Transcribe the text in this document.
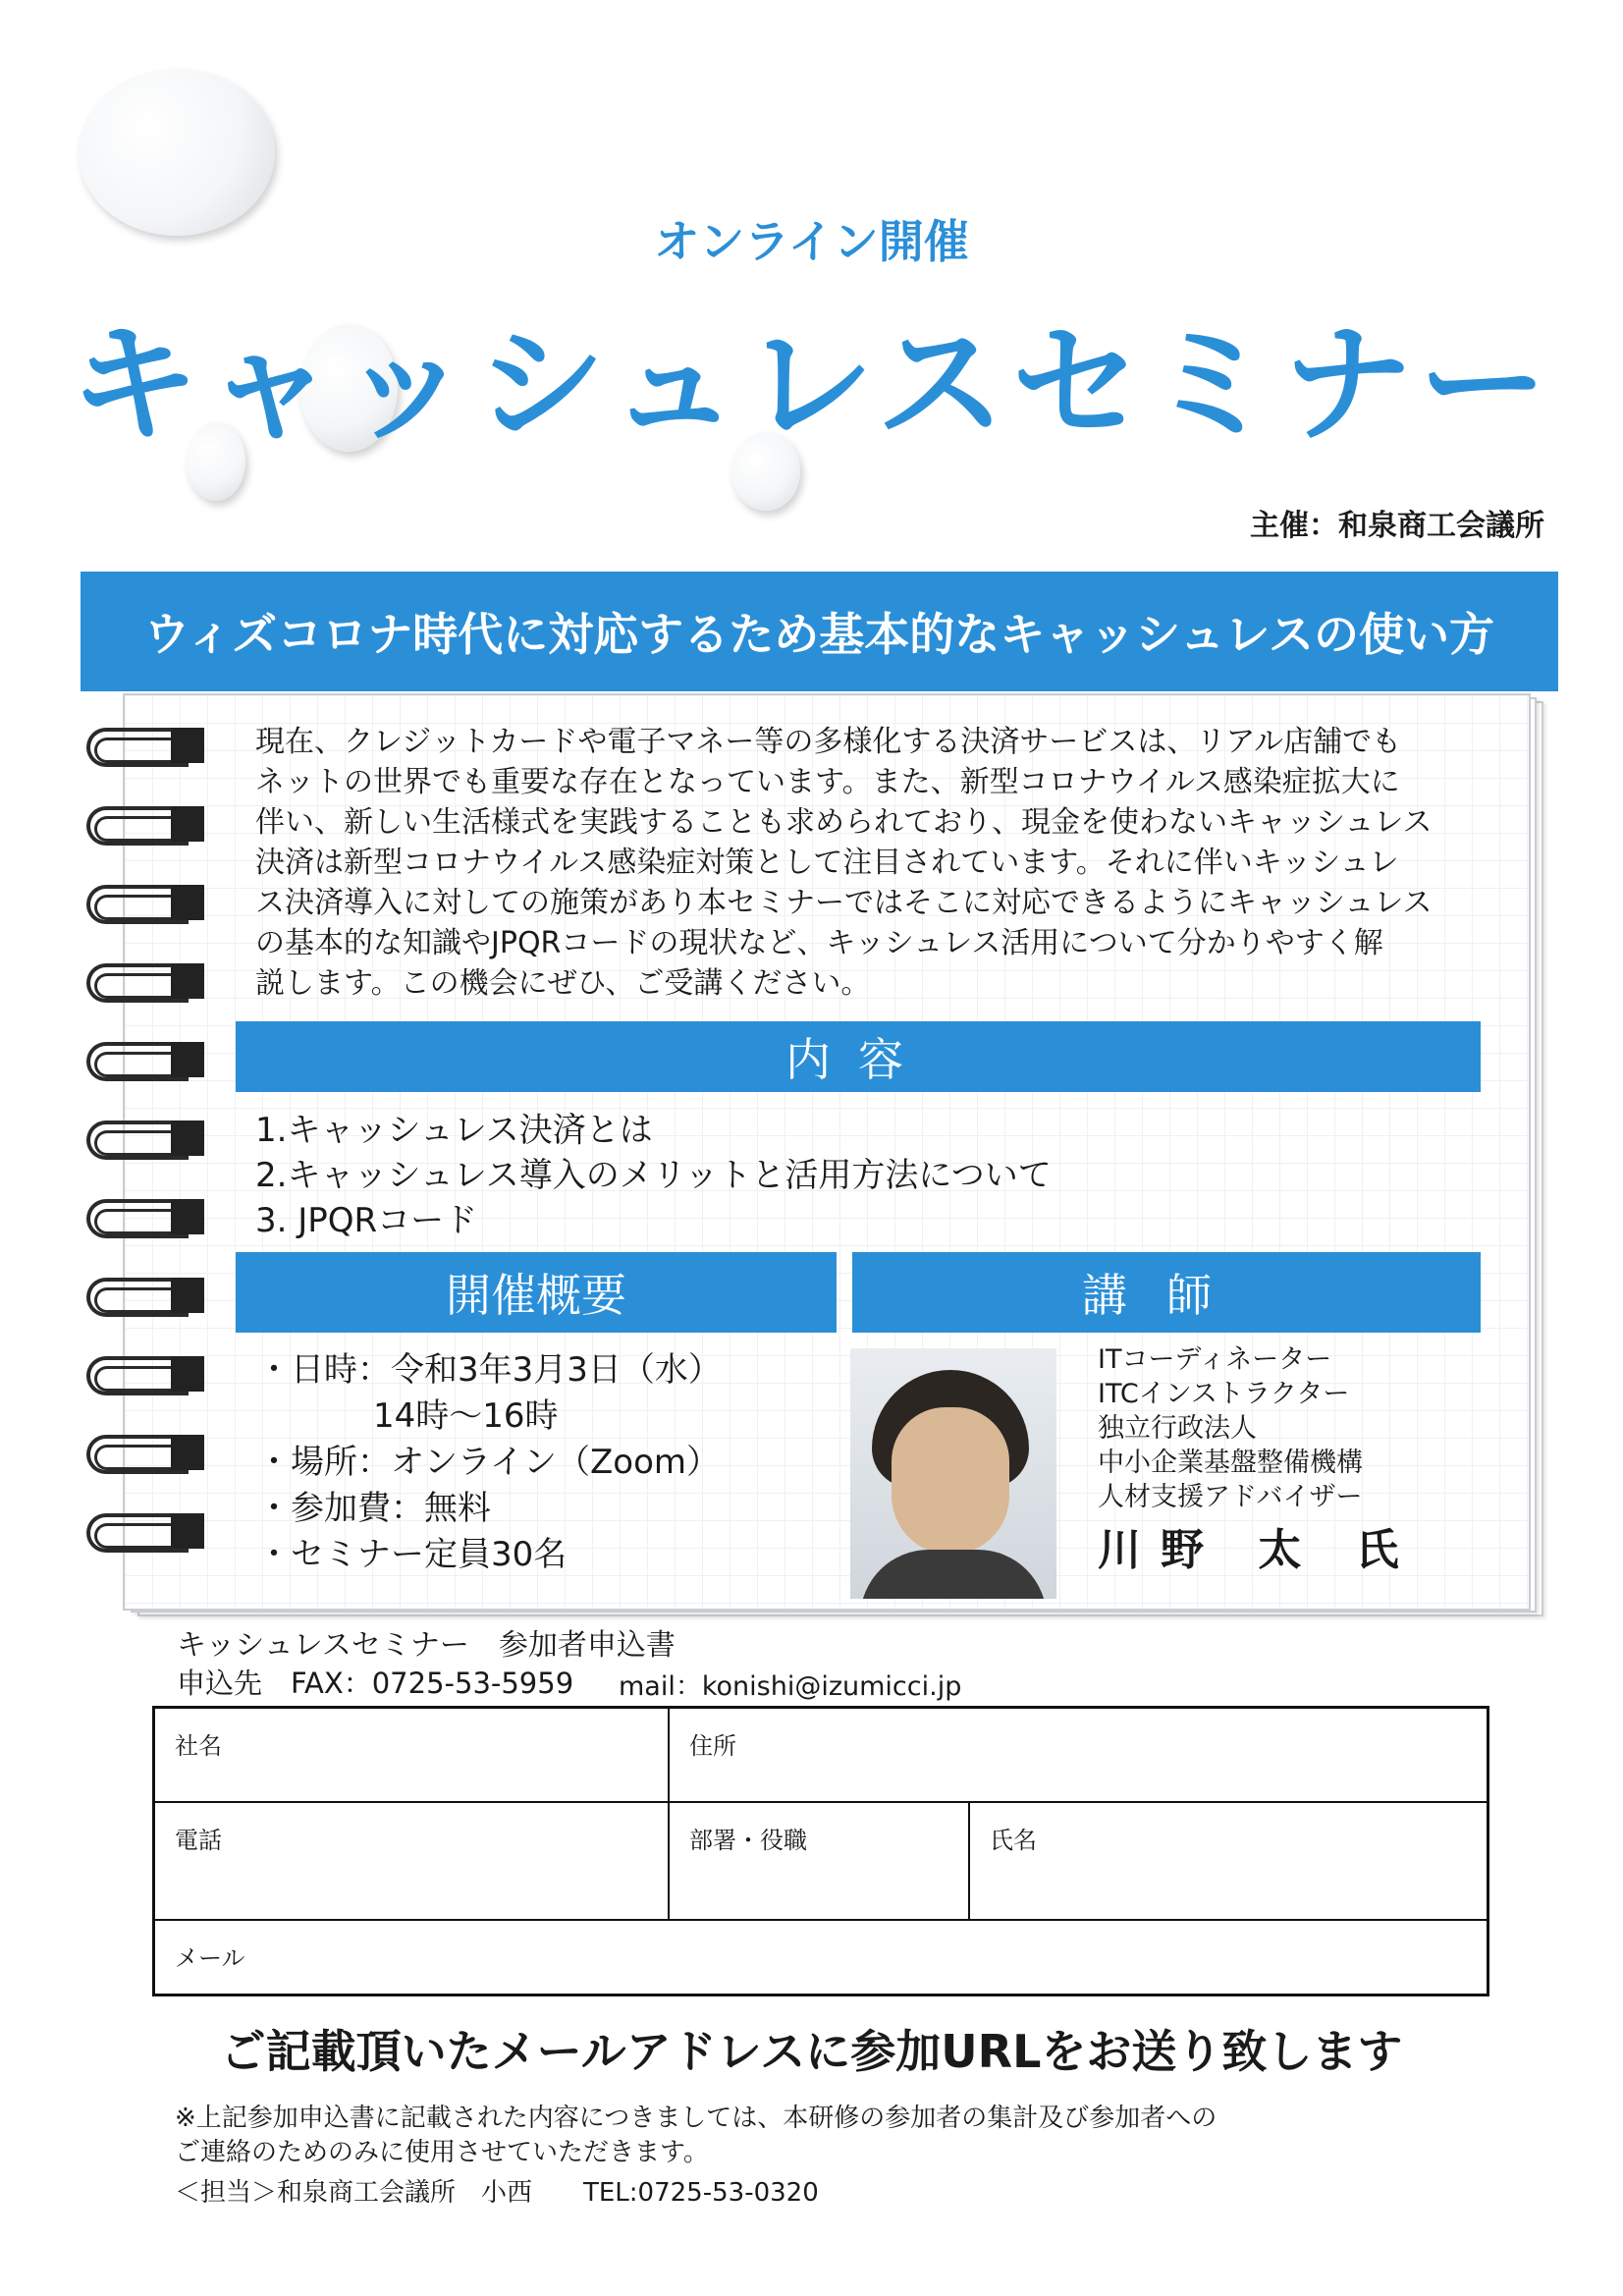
オンライン開催
キャッシュレスセミナー
主催：和泉商工会議所
ウィズコロナ時代に対応するため基本的なキャッシュレスの使い方
現在、クレジットカードや電子マネー等の多様化する決済サービスは、リアル店舗でも
ネットの世界でも重要な存在となっています。また、新型コロナウイルス感染症拡大に
伴い、新しい生活様式を実践することも求められており、現金を使わないキャッシュレス
決済は新型コロナウイルス感染症対策として注目されています。それに伴いキッシュレ
ス決済導入に対しての施策があり本セミナーではそこに対応できるようにキャッシュレス
の基本的な知識やJPQRコードの現状など、キッシュレス活用について分かりやすく解
説します。この機会にぜひ、ご受講ください。
内容
1.キャッシュレス決済とは
2.キャッシュレス導入のメリットと活用方法について
3. JPQRコード
開催概要
・日時：令和3年3月3日（水）
14時～16時
・場所：オンライン（Zoom）
・参加費：無料
・セミナー定員30名
講師
ITコーディネーター
ITCインストラクター
独立行政法人
中小企業基盤整備機構
人材支援アドバイザー
川野 太 氏
キッシュレスセミナー　参加者申込書
申込先　FAX：0725-53-5959 mail：konishi@izumicci.jp
社名	住所
電話	部署・役職	氏名
メール
ご記載頂いたメールアドレスに参加URLをお送り致します
※上記参加申込書に記載された内容につきましては、本研修の参加者の集計及び参加者への
ご連絡のためのみに使用させていただきます。
＜担当＞和泉商工会議所　小西　　TEL:0725-53-0320
